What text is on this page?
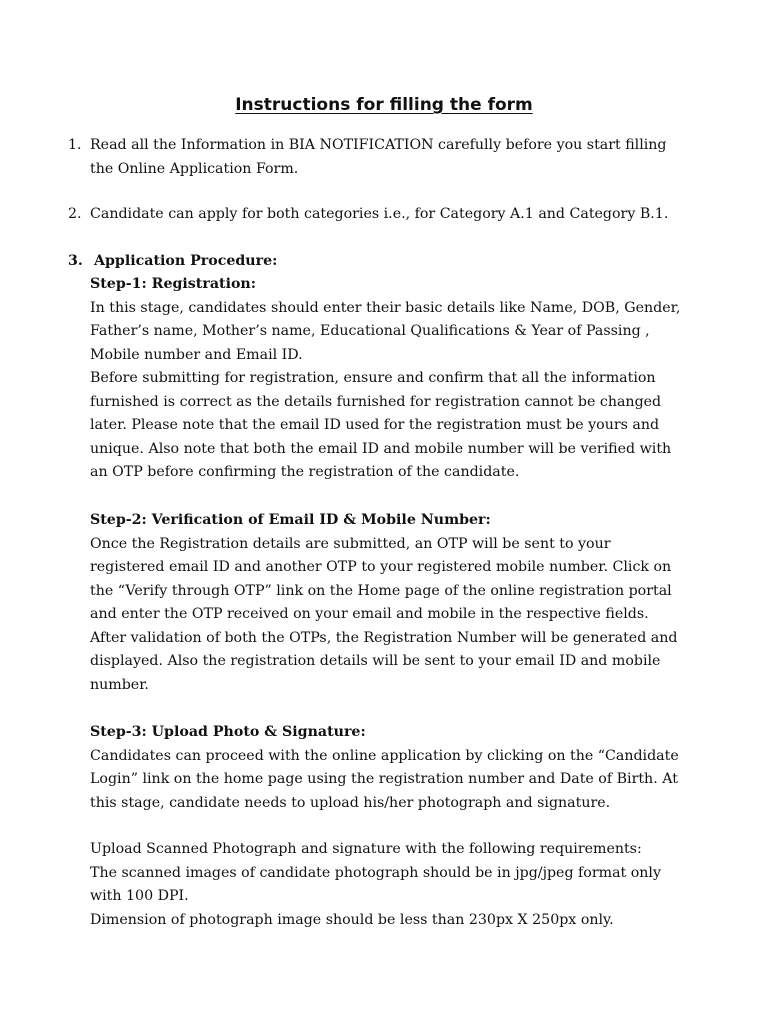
Instructions for filling the form
1. Read all the Information in BIA NOTIFICATION carefully before you start filling
the Online Application Form.
2. Candidate can apply for both categories i.e., for Category A.1 and Category B.1.
3. Application Procedure:

Step-1: Registration:

In this stage, candidates should enter their basic details like Name, DOB, Gender,
Father’s name, Mother’s name, Educational Qualifications & Year of Passing ,
Mobile number and Email ID.

Before submitting for registration, ensure and confirm that all the information
furnished is correct as the details furnished for registration cannot be changed
later. Please note that the email ID used for the registration must be yours and
unique. Also note that both the email ID and mobile number will be verified with
an OTP before confirming the registration of the candidate.

Step-2: Verification of Email ID & Mobile Number:

Once the Registration details are submitted, an OTP will be sent to your
registered email ID and another OTP to your registered mobile number. Click on
the “Verify through OTP” link on the Home page of the online registration portal
and enter the OTP received on your email and mobile in the respective fields.
After validation of both the OTPs, the Registration Number will be generated and
displayed. Also the registration details will be sent to your email ID and mobile
number.

Step-3: Upload Photo & Signature:

Candidates can proceed with the online application by clicking on the “Candidate
Login” link on the home page using the registration number and Date of Birth. At
this stage, candidate needs to upload his/her photograph and signature.

Upload Scanned Photograph and signature with the following requirements:

The scanned images of candidate photograph should be in jpg/jpeg format only
with 100 DPI.

Dimension of photograph image should be less than 230px X 250px only.
